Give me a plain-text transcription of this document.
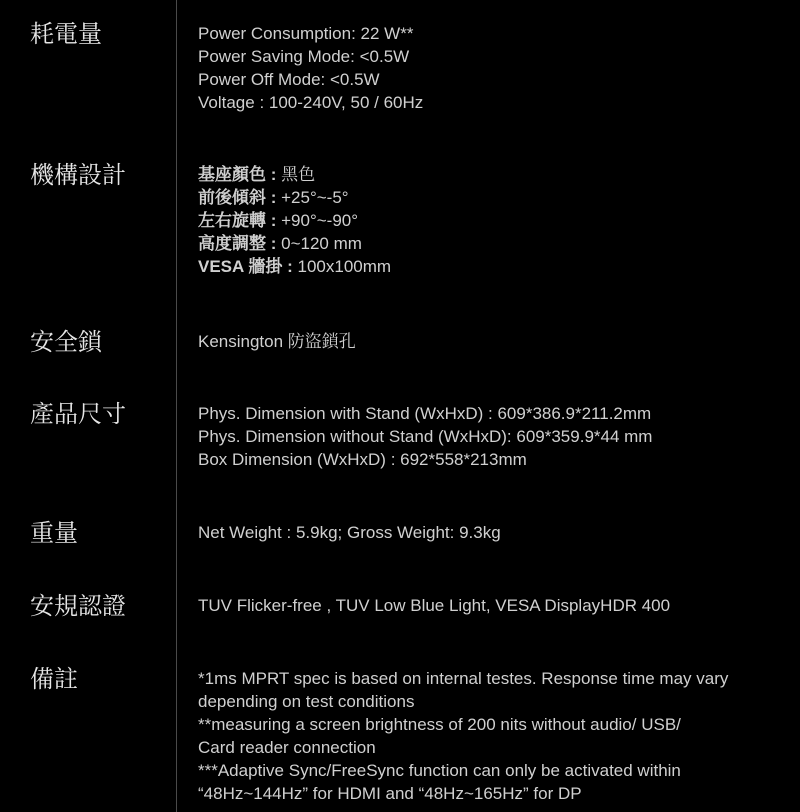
耗電量	Power Consumption: 22 W**
Power Saving Mode: <0.5W
Power Off Mode: <0.5W
Voltage : 100-240V, 50 / 60Hz
機構設計	基座顏色 : 黑色
前後傾斜 : +25°~-5°
左右旋轉 : +90°~-90°
高度調整 : 0~120 mm
VESA 牆掛 : 100x100mm
安全鎖	Kensington 防盜鎖孔
產品尺寸	Phys. Dimension with Stand (WxHxD) : 609*386.9*211.2mm
Phys. Dimension without Stand (WxHxD): 609*359.9*44 mm
Box Dimension (WxHxD) : 692*558*213mm
重量	Net Weight : 5.9kg; Gross Weight: 9.3kg
安規認證	TUV Flicker-free , TUV Low Blue Light, VESA DisplayHDR 400
備註	*1ms MPRT spec is based on internal testes. Response time may vary
depending on test conditions
**measuring a screen brightness of 200 nits without audio/ USB/
Card reader connection
***Adaptive Sync/FreeSync function can only be activated within
“48Hz~144Hz” for HDMI and “48Hz~165Hz” for DP
